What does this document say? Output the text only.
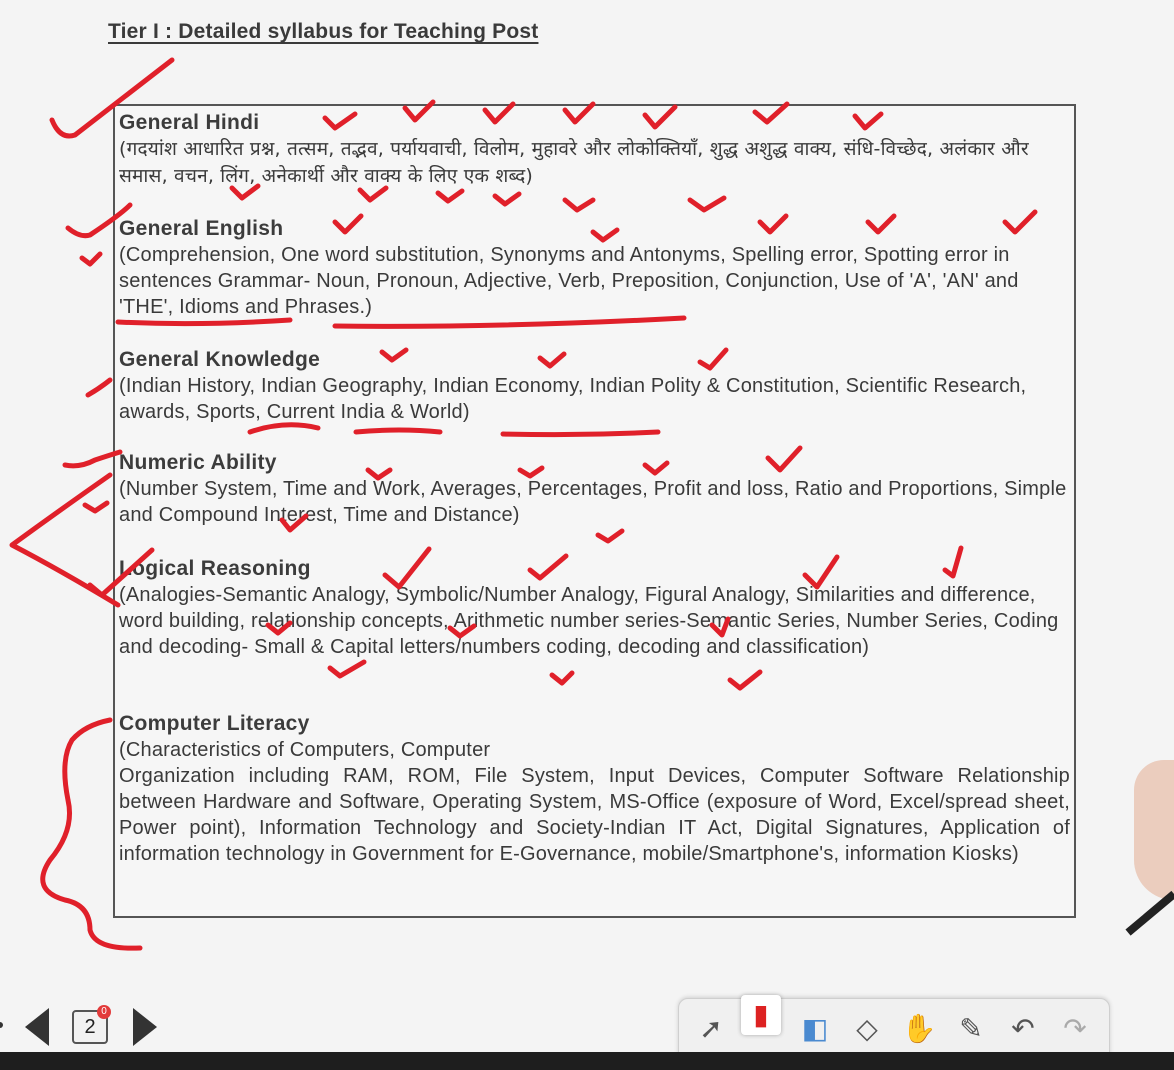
Tier I : Detailed syllabus for Teaching Post
General Hindi
(गदयांश आधारित प्रश्न, तत्सम, तद्भव, पर्यायवाची, विलोम, मुहावरे और लोकोक्तियाँ, शुद्ध अशुद्ध वाक्य, संधि-विच्छेद, अलंकार और समास, वचन, लिंग, अनेकार्थी और वाक्य के लिए एक शब्द)
General English
(Comprehension, One word substitution, Synonyms and Antonyms, Spelling error, Spotting error in sentences Grammar- Noun, Pronoun, Adjective, Verb, Preposition, Conjunction, Use of 'A', 'AN' and 'THE', Idioms and Phrases.)
General Knowledge
(Indian History, Indian Geography, Indian Economy, Indian Polity & Constitution, Scientific Research, awards, Sports, Current India & World)
Numeric Ability
(Number System, Time and Work, Averages, Percentages, Profit and loss, Ratio and Proportions, Simple and Compound Interest, Time and Distance)
Logical Reasoning
(Analogies-Semantic Analogy, Symbolic/Number Analogy, Figural Analogy, Similarities and difference, word building, relationship concepts, Arithmetic number series-Semantic Series, Number Series, Coding and decoding- Small & Capital letters/numbers coding, decoding and classification)
Computer Literacy
(Characteristics of Computers, Computer
Organization including RAM, ROM, File System, Input Devices, Computer Software Relationship between Hardware and Software, Operating System, MS-Office (exposure of Word, Excel/spread sheet, Power point), Information Technology and Society-Indian IT Act, Digital Signatures, Application of information technology in Government for E-Governance, mobile/Smartphone's, information Kiosks)
2
0
➚	▮	◧ ◇ ✋ ✎ ↶ ↷
